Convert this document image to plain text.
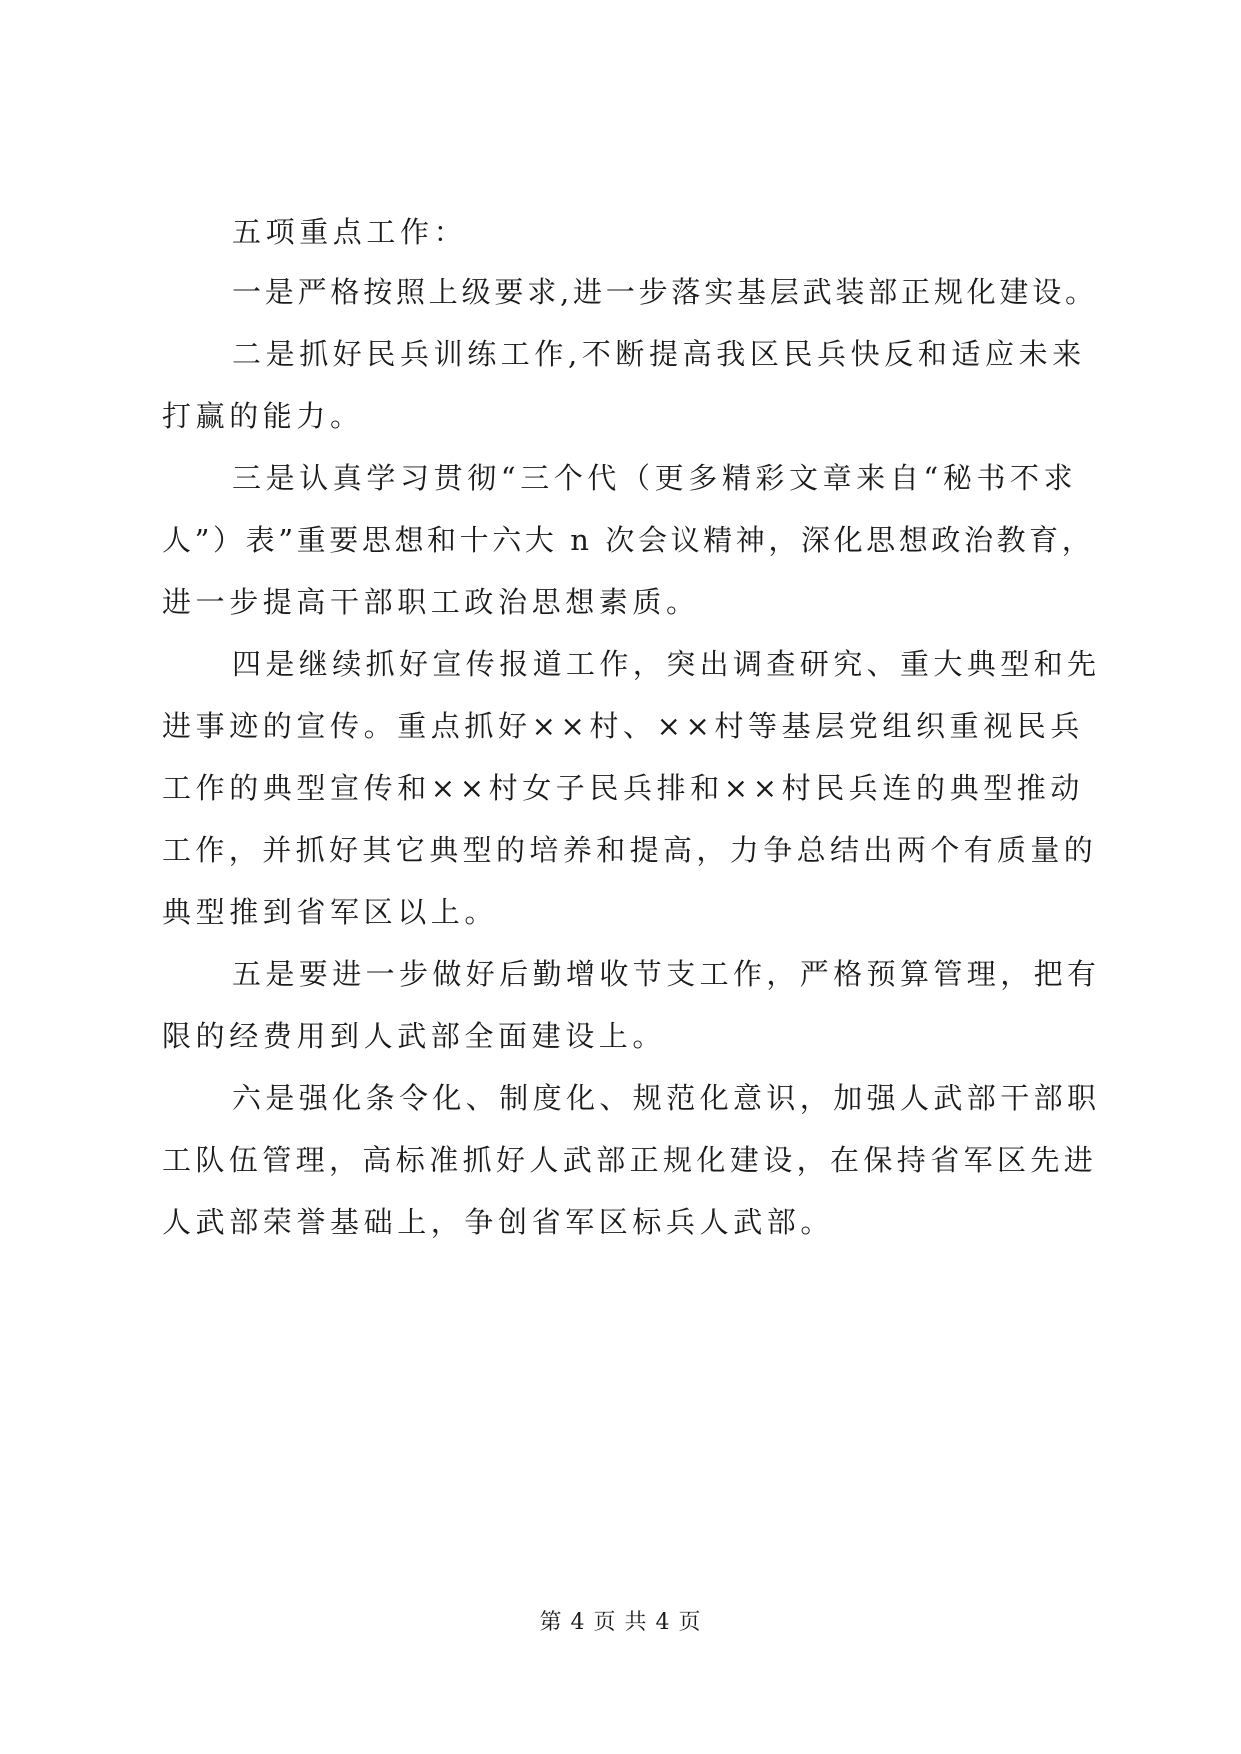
五项重点工作：
一是严格按照上级要求,进一步落实基层武装部正规化建设。
二是抓好民兵训练工作,不断提高我区民兵快反和适应未来
打赢的能力。
三是认真学习贯彻“三个代（更多精彩文章来自“秘书不求
人”）表”重要思想和十六大 n 次会议精神，深化思想政治教育，
进一步提高干部职工政治思想素质。
四是继续抓好宣传报道工作，突出调查研究、重大典型和先
进事迹的宣传。重点抓好××村、××村等基层党组织重视民兵
工作的典型宣传和××村女子民兵排和××村民兵连的典型推动
工作，并抓好其它典型的培养和提高，力争总结出两个有质量的
典型推到省军区以上。
五是要进一步做好后勤增收节支工作，严格预算管理，把有
限的经费用到人武部全面建设上。
六是强化条令化、制度化、规范化意识，加强人武部干部职
工队伍管理，高标准抓好人武部正规化建设，在保持省军区先进
人武部荣誉基础上，争创省军区标兵人武部。
第 4 页 共 4 页
